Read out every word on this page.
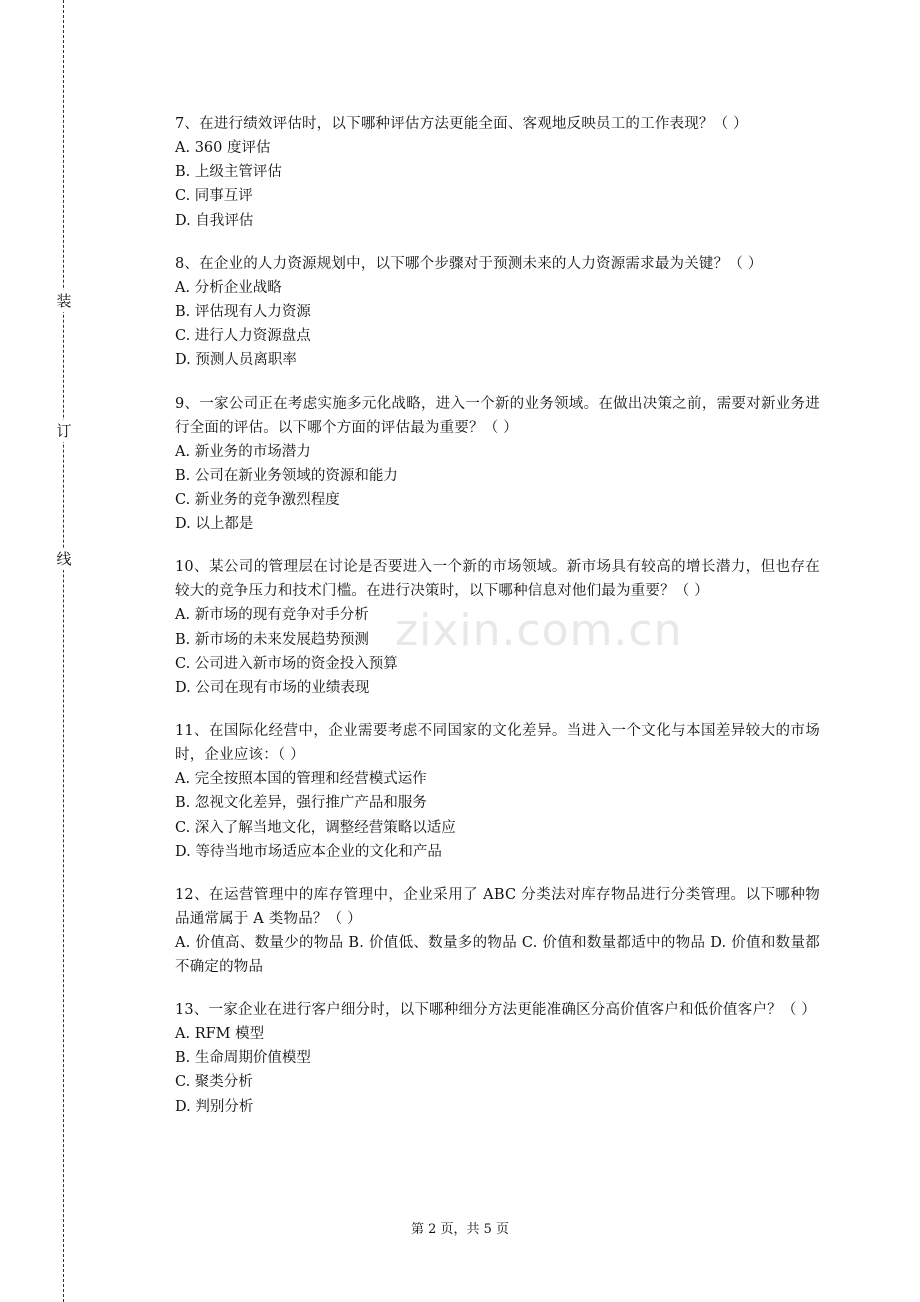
装
订
线
zixin.com.cn
7、在进行绩效评估时，以下哪种评估方法更能全面、客观地反映员工的工作表现？（ ）
A. 360 度评估
B. 上级主管评估
C. 同事互评
D. 自我评估
8、在企业的人力资源规划中，以下哪个步骤对于预测未来的人力资源需求最为关键？（ ）
A. 分析企业战略
B. 评估现有人力资源
C. 进行人力资源盘点
D. 预测人员离职率
9、一家公司正在考虑实施多元化战略，进入一个新的业务领域。在做出决策之前，需要对新业务进行全面的评估。以下哪个方面的评估最为重要？（ ）
A. 新业务的市场潜力
B. 公司在新业务领域的资源和能力
C. 新业务的竞争激烈程度
D. 以上都是
10、某公司的管理层在讨论是否要进入一个新的市场领域。新市场具有较高的增长潜力，但也存在较大的竞争压力和技术门槛。在进行决策时，以下哪种信息对他们最为重要？（ ）
A. 新市场的现有竞争对手分析
B. 新市场的未来发展趋势预测
C. 公司进入新市场的资金投入预算
D. 公司在现有市场的业绩表现
11、在国际化经营中，企业需要考虑不同国家的文化差异。当进入一个文化与本国差异较大的市场时，企业应该：（ ）
A. 完全按照本国的管理和经营模式运作
B. 忽视文化差异，强行推广产品和服务
C. 深入了解当地文化，调整经营策略以适应
D. 等待当地市场适应本企业的文化和产品
12、在运营管理中的库存管理中，企业采用了 ABC 分类法对库存物品进行分类管理。以下哪种物品通常属于 A 类物品？（ ）
A. 价值高、数量少的物品 B. 价值低、数量多的物品 C. 价值和数量都适中的物品 D. 价值和数量都不确定的物品
13、一家企业在进行客户细分时，以下哪种细分方法更能准确区分高价值客户和低价值客户？（ ）
A. RFM 模型
B. 生命周期价值模型
C. 聚类分析
D. 判别分析
第 2 页，共 5 页
